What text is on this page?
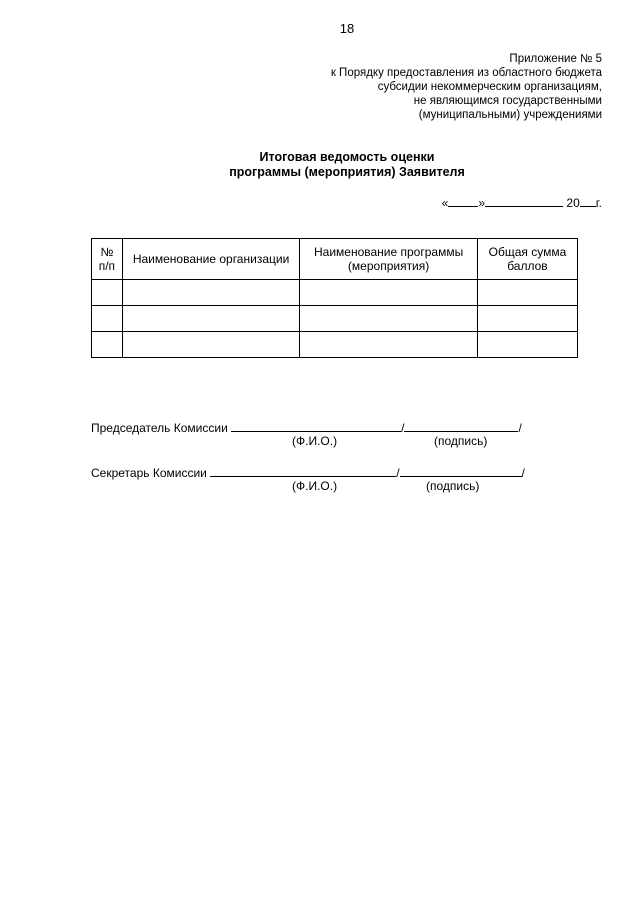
18
Приложение № 5
к Порядку предоставления из областного бюджета
субсидии некоммерческим организациям,
не являющимся государственными
(муниципальными) учреждениями
Итоговая ведомость оценки
программы (мероприятия) Заявителя
«	»	20 г.
№ п/п	Наименование организации	Наименование программы (мероприятия)	Общая сумма баллов

Председатель Комиссии	/	/
(Ф.И.О.)	(подпись)
Секретарь Комиссии	/	/
(Ф.И.О.)	(подпись)
